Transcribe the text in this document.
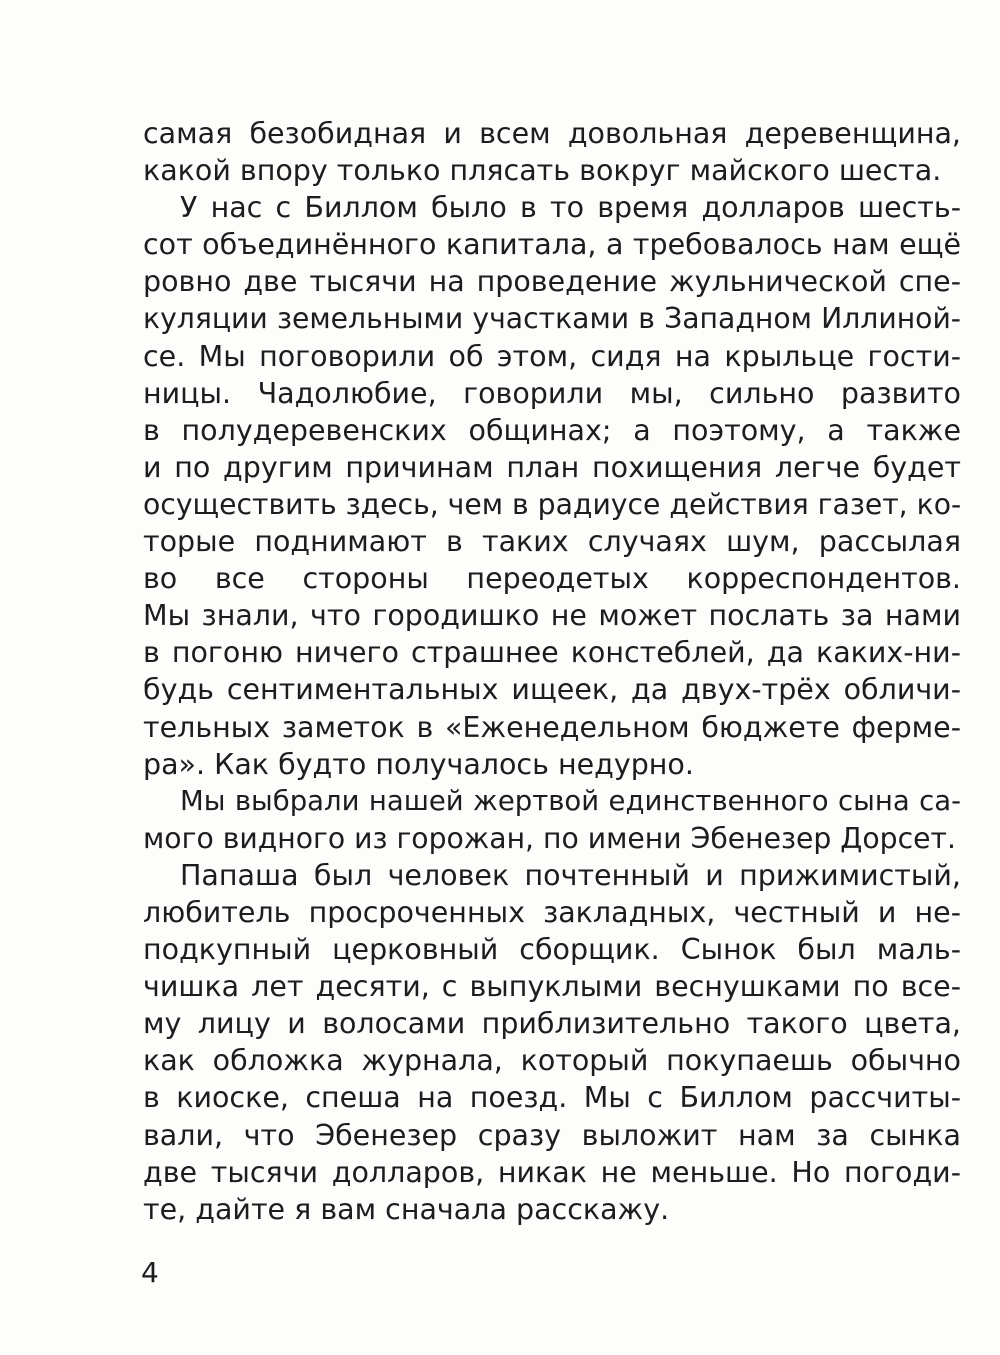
самая безобидная и всем довольная деревенщина,
какой впору только плясать вокруг майского шеста.
У нас с Биллом было в то время долларов шесть-
сот объединённого капитала, а требовалось нам ещё
ровно две тысячи на проведение жульнической спе-
куляции земельными участками в Западном Иллиной-
се. Мы поговорили об этом, сидя на крыльце гости-
ницы. Чадолюбие, говорили мы, сильно развито
в полудеревенских общинах; а поэтому, а также
и по другим причинам план похищения легче будет
осуществить здесь, чем в радиусе действия газет, ко-
торые поднимают в таких случаях шум, рассылая
во все стороны переодетых корреспондентов.
Мы знали, что городишко не может послать за нами
в погоню ничего страшнее констеблей, да каких-ни-
будь сентиментальных ищеек, да двух-трёх обличи-
тельных заметок в «Еженедельном бюджете ферме-
ра». Как будто получалось недурно.
Мы выбрали нашей жертвой единственного сына са-
мого видного из горожан, по имени Эбенезер Дорсет.
Папаша был человек почтенный и прижимистый,
любитель просроченных закладных, честный и не-
подкупный церковный сборщик. Сынок был маль-
чишка лет десяти, с выпуклыми веснушками по все-
му лицу и волосами приблизительно такого цвета,
как обложка журнала, который покупаешь обычно
в киоске, спеша на поезд. Мы с Биллом рассчиты-
вали, что Эбенезер сразу выложит нам за сынка
две тысячи долларов, никак не меньше. Но погоди-
те, дайте я вам сначала расскажу.
4
